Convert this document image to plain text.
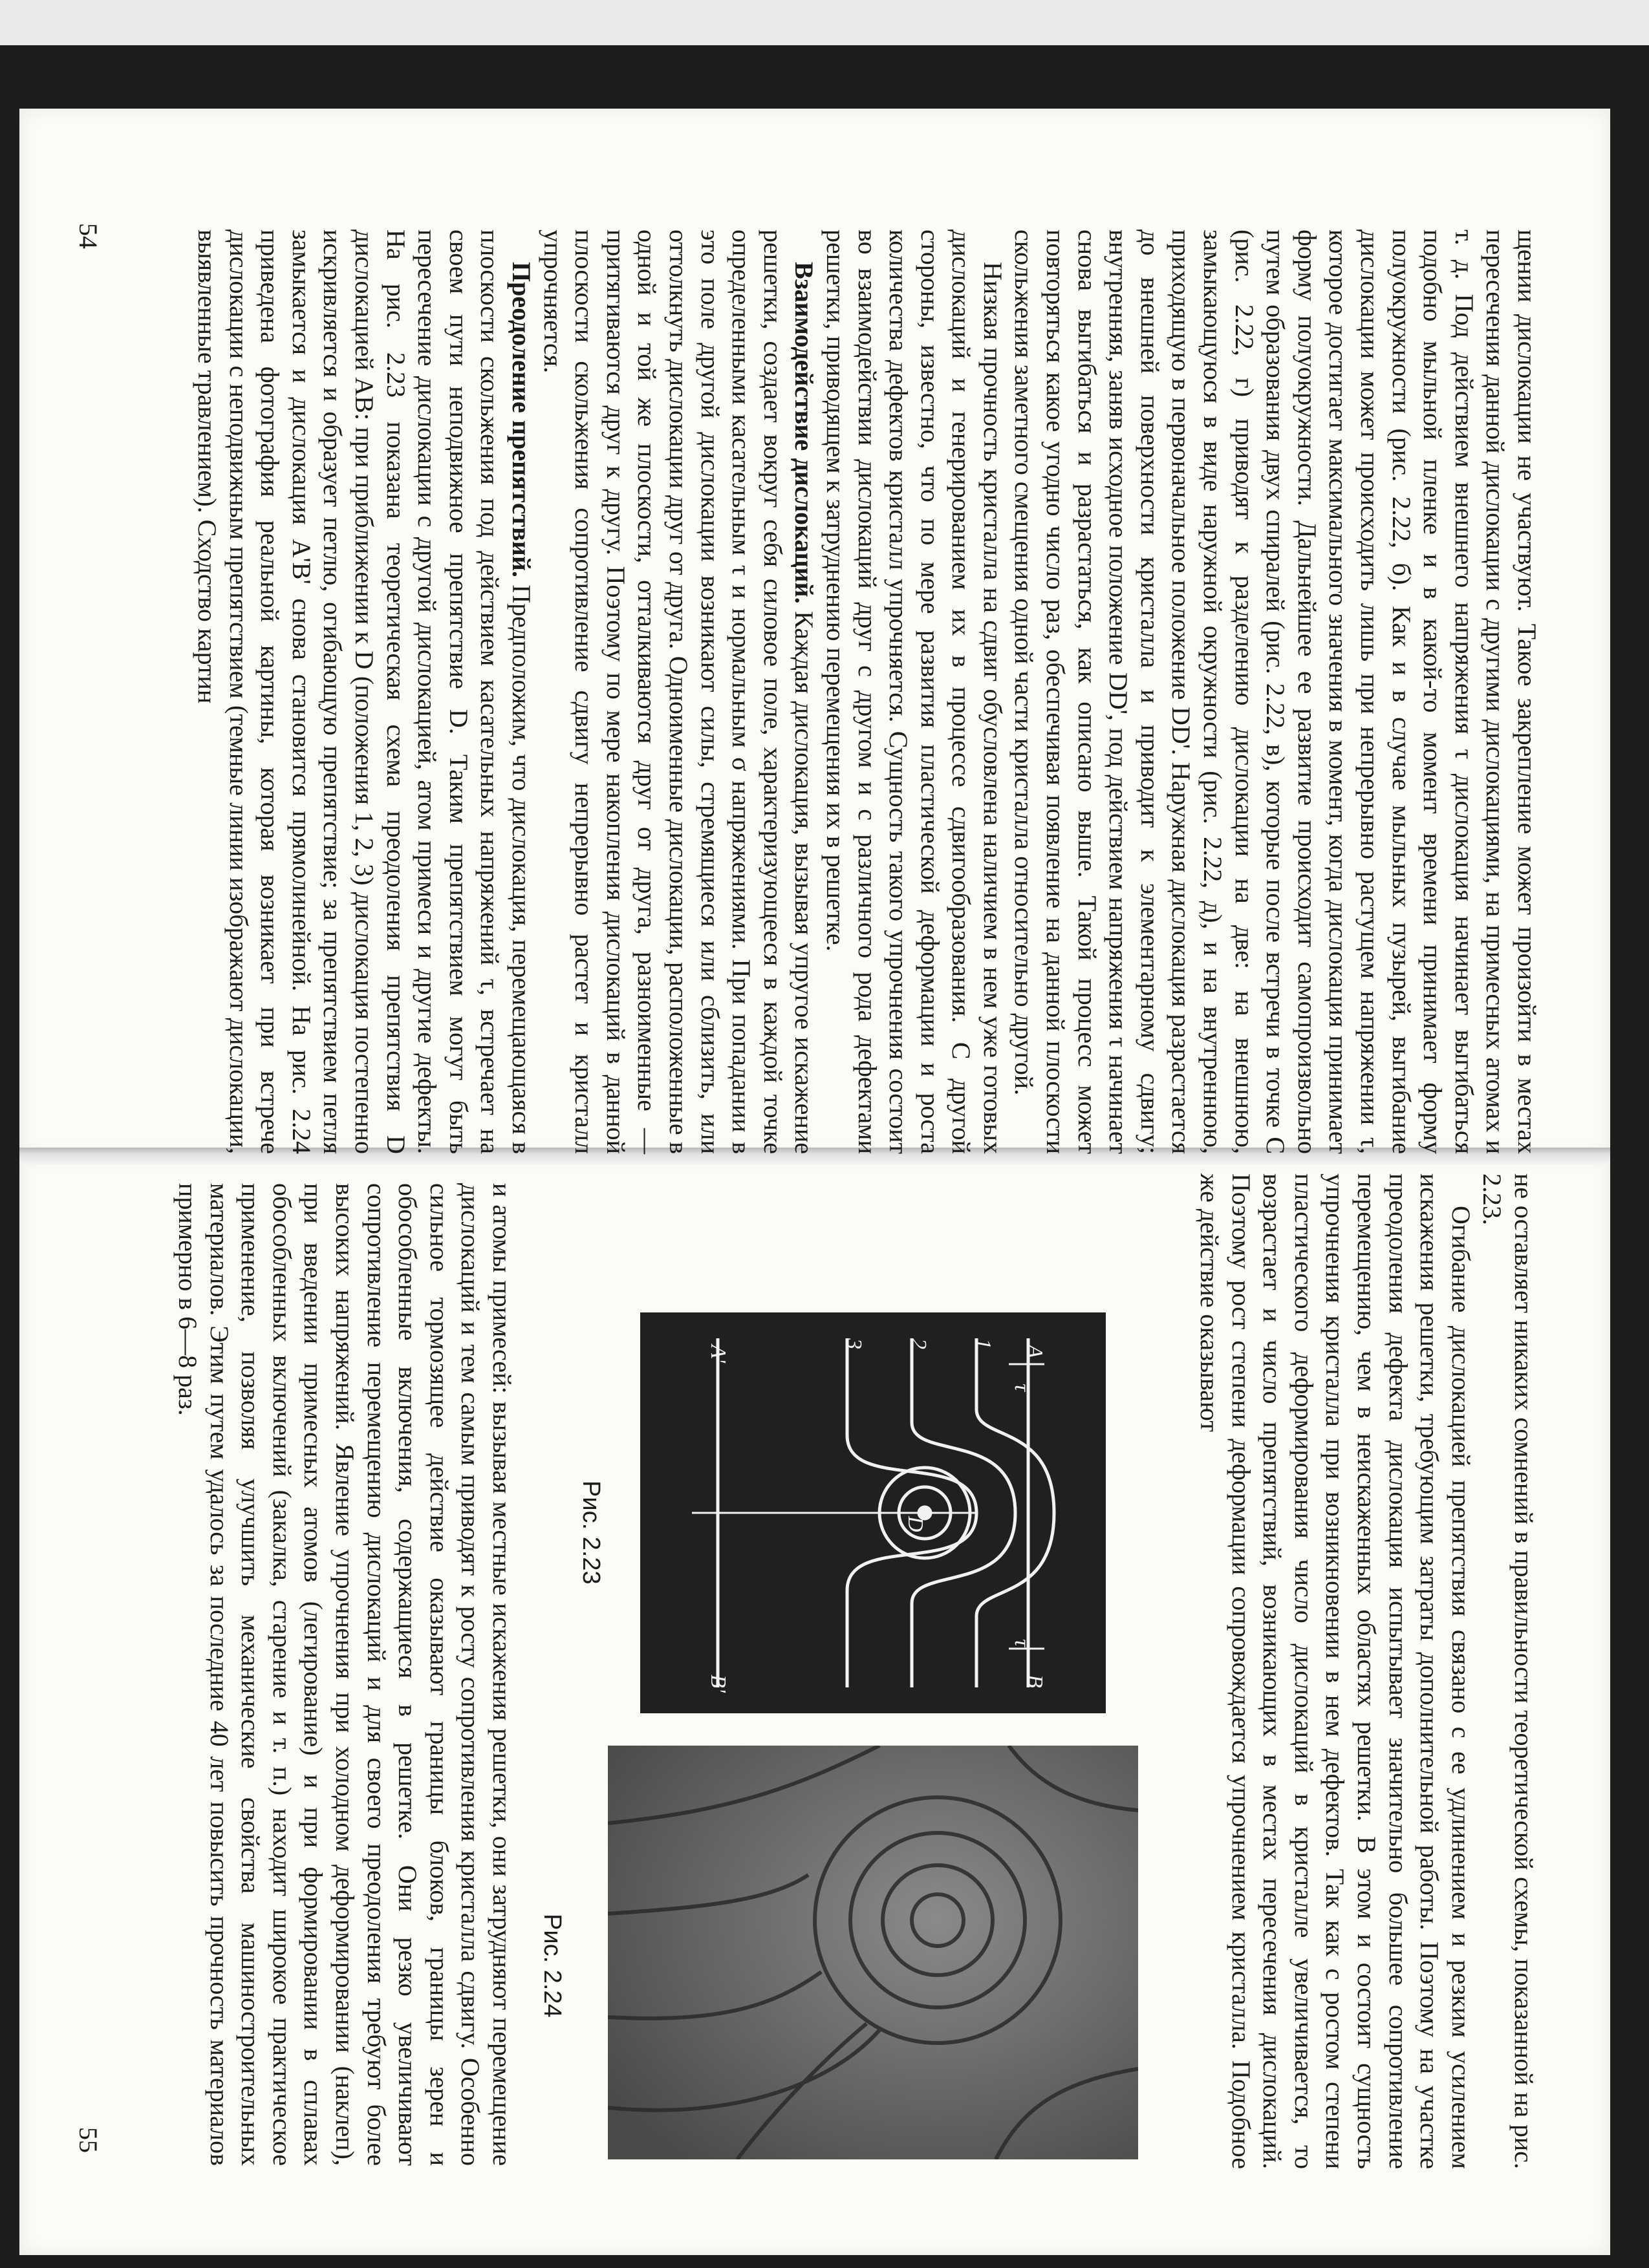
щении дислокации не участвуют. Такое закрепление может произойти в местах пересечения данной дислокации с другими дислокациями, на примесных атомах и т. д. Под действием внешнего напряжения τ дислокация начинает выгибаться подобно мыльной пленке и в какой-то момент времени принимает форму полуокружности (рис. 2.22, б). Как и в случае мыльных пузырей, выгибание дислокации может происходить лишь при непрерывно растущем напряжении τ, которое достигает максимального значения в момент, когда дислокация принимает форму полуокружности. Дальнейшее ее развитие происходит самопроизвольно путем образования двух спиралей (рис. 2.22, в), которые после встречи в точке С (рис. 2.22, г) приводят к разделению дислокации на две: на внешнюю, замыкающуюся в виде наружной окружности (рис. 2.22, д), и на внутреннюю, приходящую в первоначальное положение DD'. Наружная дислокация разрастается до внешней поверхности кристалла и приводит к элементарному сдвигу; внутренняя, заняв исходное положение DD', под действием напряжения τ начинает снова выгибаться и разрастаться, как описано выше. Такой процесс может повторяться какое угодно число раз, обеспечивая появление на данной плоскости скольжения заметного смещения одной части кристалла относительно другой.

Низкая прочность кристалла на сдвиг обусловлена наличием в нем уже готовых дислокаций и генерированием их в процессе сдвигообразования. С другой стороны, известно, что по мере развития пластической деформации и роста количества дефектов кристалл упрочняется. Сущность такого упрочнения состоит во взаимодействии дислокаций друг с другом и с различного рода дефектами решетки, приводящем к затруднению перемещения их в решетке.

Взаимодействие дислокаций. Каждая дислокация, вызывая упругое искажение решетки, создает вокруг себя силовое поле, характеризующееся в каждой точке определенными касательным τ и нормальным σ напряжениями. При попадании в это поле другой дислокации возникают силы, стремящиеся или сблизить, или оттолкнуть дислокации друг от друга. Одноименные дислокации, расположенные в одной и той же плоскости, отталкиваются друг от друга, разноименные — притягиваются друг к другу. Поэтому по мере накопления дислокаций в данной плоскости скольжения сопротивление сдвигу непрерывно растет и кристалл упрочняется.

Преодоление препятствий. Предположим, что дислокация, перемещающаяся в плоскости скольжения под действием касательных напряжений τ, встречает на своем пути неподвижное препятствие D. Таким препятствием могут быть пересечение дислокации с другой дислокацией, атом примеси и другие дефекты. На рис. 2.23 показана теоретическая схема преодоления препятствия D дислокацией AB: при приближении к D (положения 1, 2, 3) дислокация постепенно искривляется и образует петлю, огибающую препятствие; за препятствием петля замыкается и дислокация A'B' снова становится прямолинейной. На рис. 2.24 приведена фотография реальной картины, которая возникает при встрече дислокации с неподвижным препятствием (темные линии изображают дислокации, выявленные травлением). Сходство картин

54

не оставляет никаких сомнений в правильности теоретической схемы, показанной на рис. 2.23.

Огибание дислокацией препятствия связано с ее удлинением и резким усилением искажения решетки, требующим затраты дополнительной работы. Поэтому на участке преодоления дефекта дислокация испытывает значительно большее сопротивление перемещению, чем в неискаженных областях решетки. В этом и состоит сущность упрочнения кристалла при возникновении в нем дефектов. Так как с ростом степени пластического деформирования число дислокаций в кристалле увеличивается, то возрастает и число препятствий, возникающих в местах пересечения дислокаций. Поэтому рост степени деформации сопровождается упрочнением кристалла. Подобное же действие оказывают

и атомы примесей: вызывая местные искажения решетки, они затрудняют перемещение дислокаций и тем самым приводят к росту сопротивления кристалла сдвигу. Особенно сильное тормозящее действие оказывают границы блоков, границы зерен и обособленные включения, содержащиеся в решетке. Они резко увеличивают сопротивление перемещению дислокаций и для своего преодоления требуют более высоких напряжений. Явление упрочнения при холодном деформировании (наклеп), при введении примесных атомов (легирование) и при формировании в сплавах обособленных включений (закалка, старение и т. п.) находит широкое практическое применение, позволяя улучшить механические свойства машиностроительных материалов. Этим путем удалось за последние 40 лет повысить прочность материалов примерно в 6—8 раз.

55
A
B
A'
B'
τ
τ
D
1
2
3
Рис. 2.23
Рис. 2.24
